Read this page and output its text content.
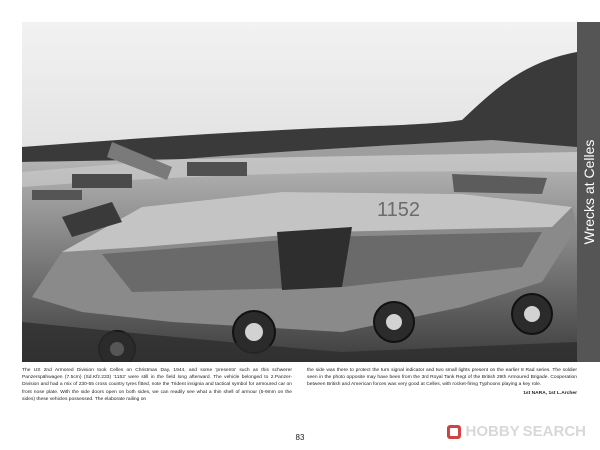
1152	Wrecks at Celles
The US 2nd Armored Division took Celles on Christmas Day, 1944, and some 'presents' such as this schwerer Panzerspähwagen (7.5cm) (Sd.Kfz.233) '1152' were still in the field long afterward. The vehicle belonged to 2.Panzer-Division and had a mix of 230-55 cross country tyres fitted, note the Trident insignia and tactical symbol for armoured car on front nose plate. With the side doors open on both sides, we can readily see what a thin shell of armour (5-9mm on the sides) these vehicles possessed. The elaborate railing on
the side was there to protect the turn signal indicator and two small lights present on the earlier 8 Rad series. The soldier seen in the photo opposite may have been from the 3rd Royal Tank Regt of the British 29th Armoured Brigade. Cooperation between British and American forces was very good at Celles, with rocket-firing Typhoons playing a key role.
1st NARA, 1st L.Archer
83	HOBBY SEARCH
